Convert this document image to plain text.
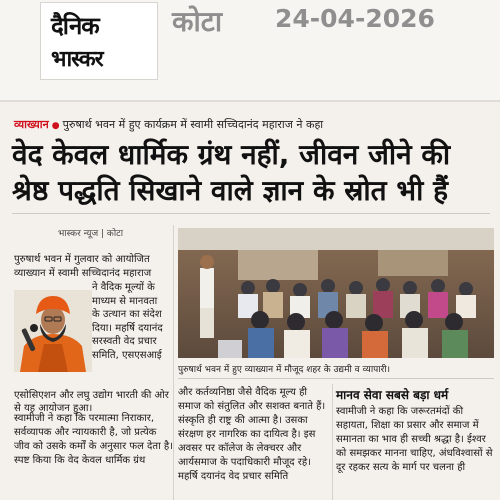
दैनिक
भास्कर
कोटा 24-04-2026
व्याख्यान ● पुरुषार्थ भवन में हुए कार्यक्रम में स्वामी सच्चिदानंद महाराज ने कहा
वेद केवल धार्मिक ग्रंथ नहीं, जीवन जीने की
श्रेष्ठ पद्धति सिखाने वाले ज्ञान के स्रोत भी हैं
भास्कर न्यूज | कोटा
पुरुषार्थ भवन में गुलवार को आयोजित व्याख्यान में स्वामी सच्चिदानंद महाराज
ने वैदिक मूल्यों के माध्यम से मानवता के उत्थान का संदेश दिया। महर्षि दयानंद सरस्वती वेद प्रचार समिति, एसएसआई
एसोसिएशन और लघु उद्योग भारती की ओर से यह आयोजन हुआ।
स्वामीजी ने कहा कि परमात्मा निराकार, सर्वव्यापक और न्यायकारी है, जो प्रत्येक जीव को उसके कर्मों के अनुसार फल देता है। स्पष्ट किया कि वेद केवल धार्मिक ग्रंथ
पुरुषार्थ भवन में हुए व्याख्यान में मौजूद शहर के उद्यमी व व्यापारी।
और कर्तव्यनिष्ठा जैसे वैदिक मूल्य ही समाज को संतुलित और सशक्त बनाते हैं। संस्कृति ही राष्ट्र की आत्मा है। उसका संरक्षण हर नागरिक का दायित्व है। इस अवसर पर कॉलेज के लेक्चरर और आर्यसमाज के पदाधिकारी मौजूद रहे। महर्षि दयानंद वेद प्रचार समिति
मानव सेवा सबसे बड़ा धर्म
स्वामीजी ने कहा कि जरूरतमंदों की सहायता, शिक्षा का प्रसार और समाज में समानता का भाव ही सच्ची श्रद्धा है। ईश्वर को समझकर मानना चाहिए, अंधविश्वासों से दूर रहकर सत्य के मार्ग पर चलना ही
